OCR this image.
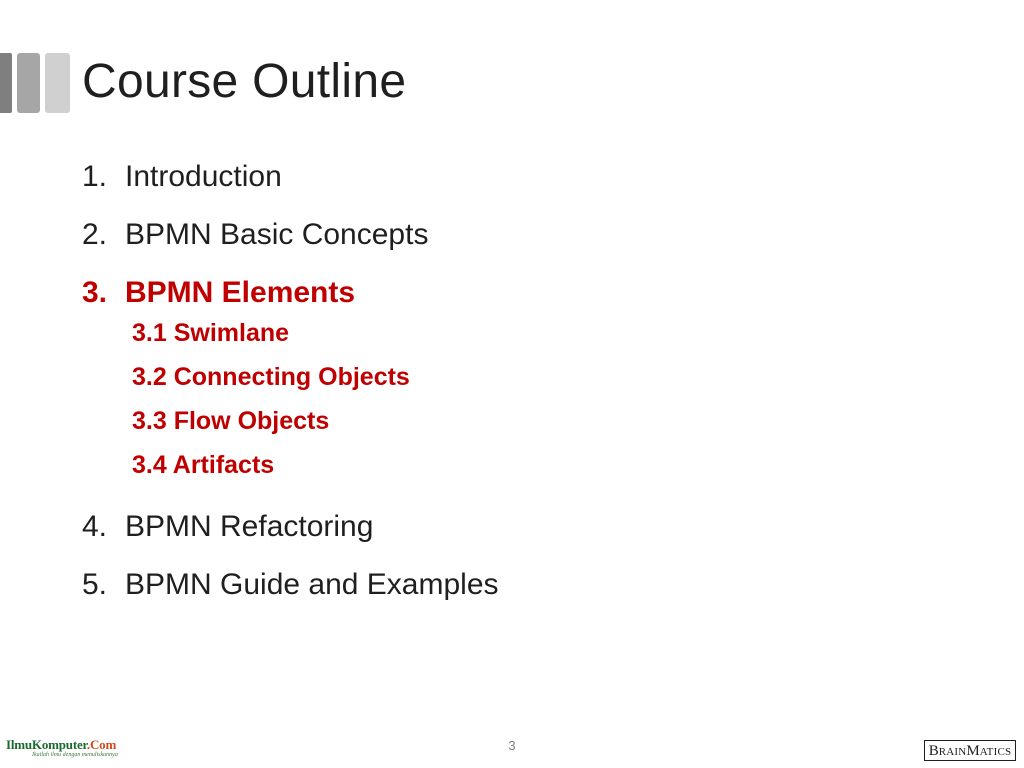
Course Outline
1. Introduction
2. BPMN Basic Concepts
3. BPMN Elements
3.1 Swimlane
3.2 Connecting Objects
3.3 Flow Objects
3.4 Artifacts
4. BPMN Refactoring
5. BPMN Guide and Examples
IlmuKomputer.Com
Ikatlah ilmu dengan menuliskannya
3	BRAINMATICS
